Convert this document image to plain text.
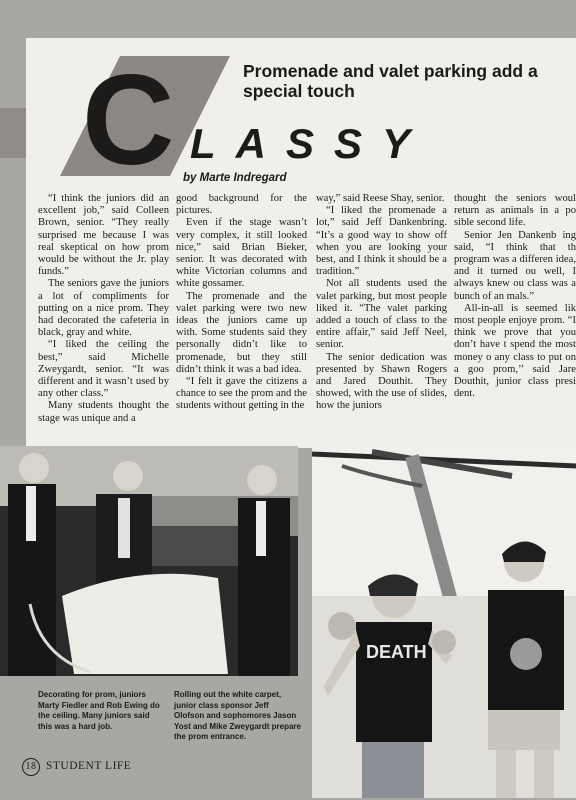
C	Promenade and valet parking add a special touch
LASSY
by Marte Indregard

“I think the juniors did an excellent job,” said Colleen Brown, senior. “They really surprised me because I was real skeptical on how prom would be without the Jr. play funds.”

The seniors gave the juniors a lot of compliments for putting on a nice prom. They had decorated the cafeteria in black, gray and white.

“I liked the ceiling the best,” said Michelle Zweygardt, senior. “It was different and it wasn’t used by any other class.”

Many students thought the stage was unique and a

good background for the pictures.

Even if the stage wasn’t very complex, it still looked nice,” said Brian Bieker, senior. It was decorated with white Victorian columns and white gossamer.

The promenade and the valet parking were two new ideas the juniors came up with. Some students said they personally didn’t like to promenade, but they still didn’t think it was a bad idea.

“I felt it gave the citizens a chance to see the prom and the students without getting in the

way,” said Reese Shay, senior.

“I liked the promenade a lot,” said Jeff Dankenbring. “It’s a good way to show off when you are looking your best, and I think it should be a tradition.”

Not all students used the valet parking, but most people liked it. “The valet parking added a touch of class to the entire affair,” said Jeff Neel, senior.

The senior dedication was presented by Shawn Rogers and Jared Douthit. They showed, with the use of slides, how the juniors

thought the seniors woul return as animals in a po sible second life.

Senior Jen Dankenb ing said, “I think that th program was a differen idea, and it turned ou well, I always knew ou class was a bunch of an mals.”

All-in-all is seemed lik most people enjoye prom. “I think we prove that you don’t have t spend the most money o any class to put on a goo prom,’’ said Jare Douthit, junior class presi dent.

DEATH

Decorating for prom, juniors Marty Fiedler and Rob Ewing do the ceiling. Many juniors said this was a hard job.

Rolling out the white carpet, junior class sponsor Jeff Olofson and sophomores Jason Yost and Mike Zweygardt prepare the prom entrance.

18 STUDENT LIFE
